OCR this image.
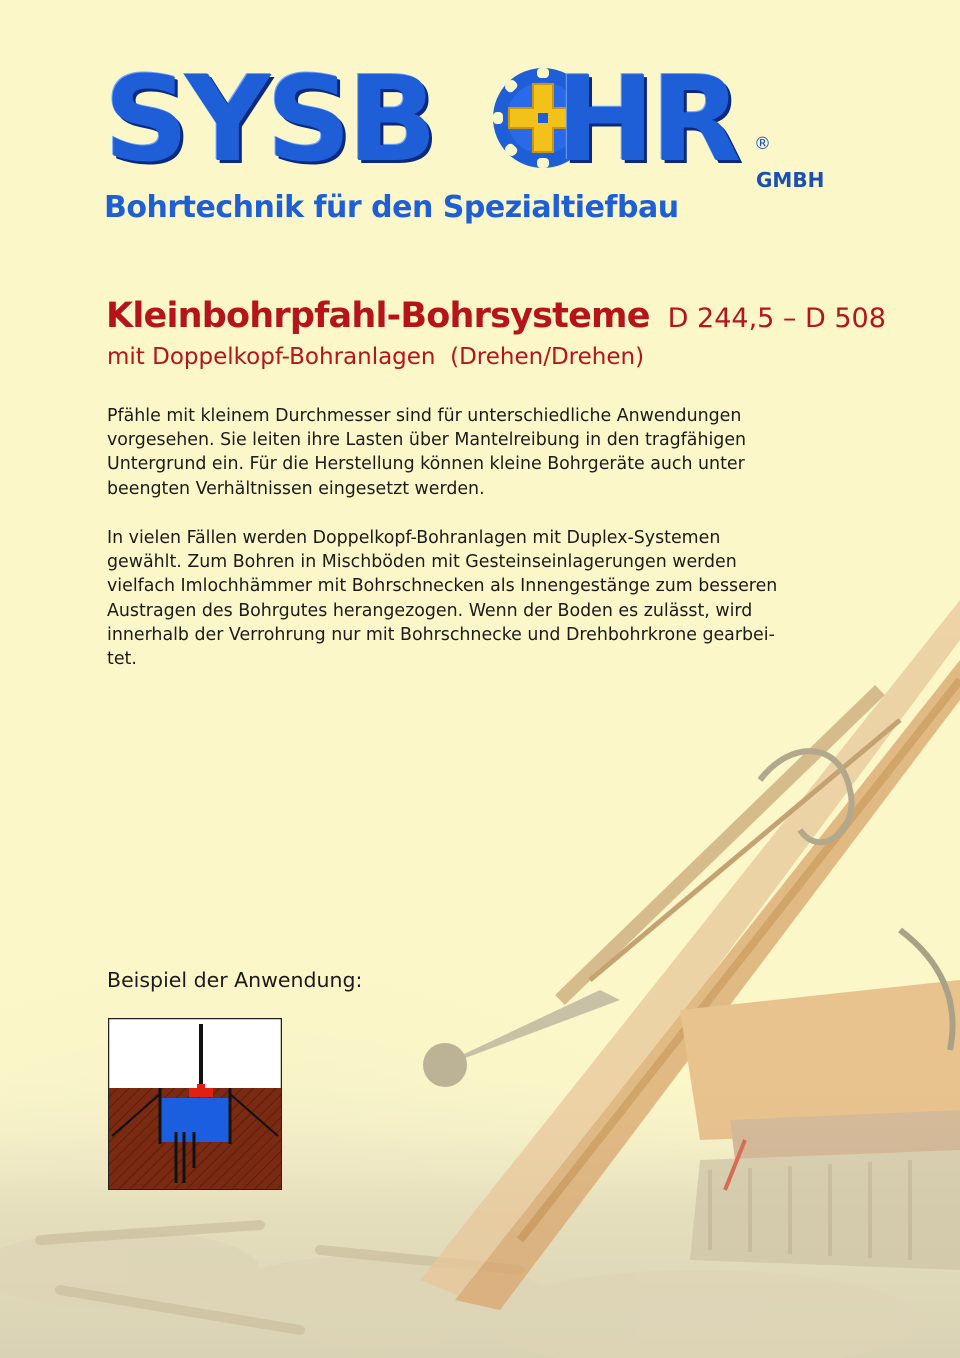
SYSB HR ®
GMBH
Bohrtechnik für den Spezialtiefbau
Kleinbohrpfahl-Bohrsysteme D 244,5 – D 508
mit Doppelkopf-Bohranlagen  (Drehen/Drehen)

Pfähle mit kleinem Durchmesser sind für unterschiedliche Anwendungen
vorgesehen. Sie leiten ihre Lasten über Mantelreibung in den tragfähigen
Untergrund ein. Für die Herstellung können kleine Bohrgeräte auch unter
beengten Verhältnissen eingesetzt werden.

In vielen Fällen werden Doppelkopf-Bohranlagen mit Duplex-Systemen
gewählt. Zum Bohren in Mischböden mit Gesteinseinlagerungen werden
vielfach Imlochhämmer mit Bohrschnecken als Innengestänge zum besseren
Austragen des Bohrgutes herangezogen. Wenn der Boden es zulässt, wird
innerhalb der Verrohrung nur mit Bohrschnecke und Drehbohrkrone gearbei-
tet.

Beispiel der Anwendung:
